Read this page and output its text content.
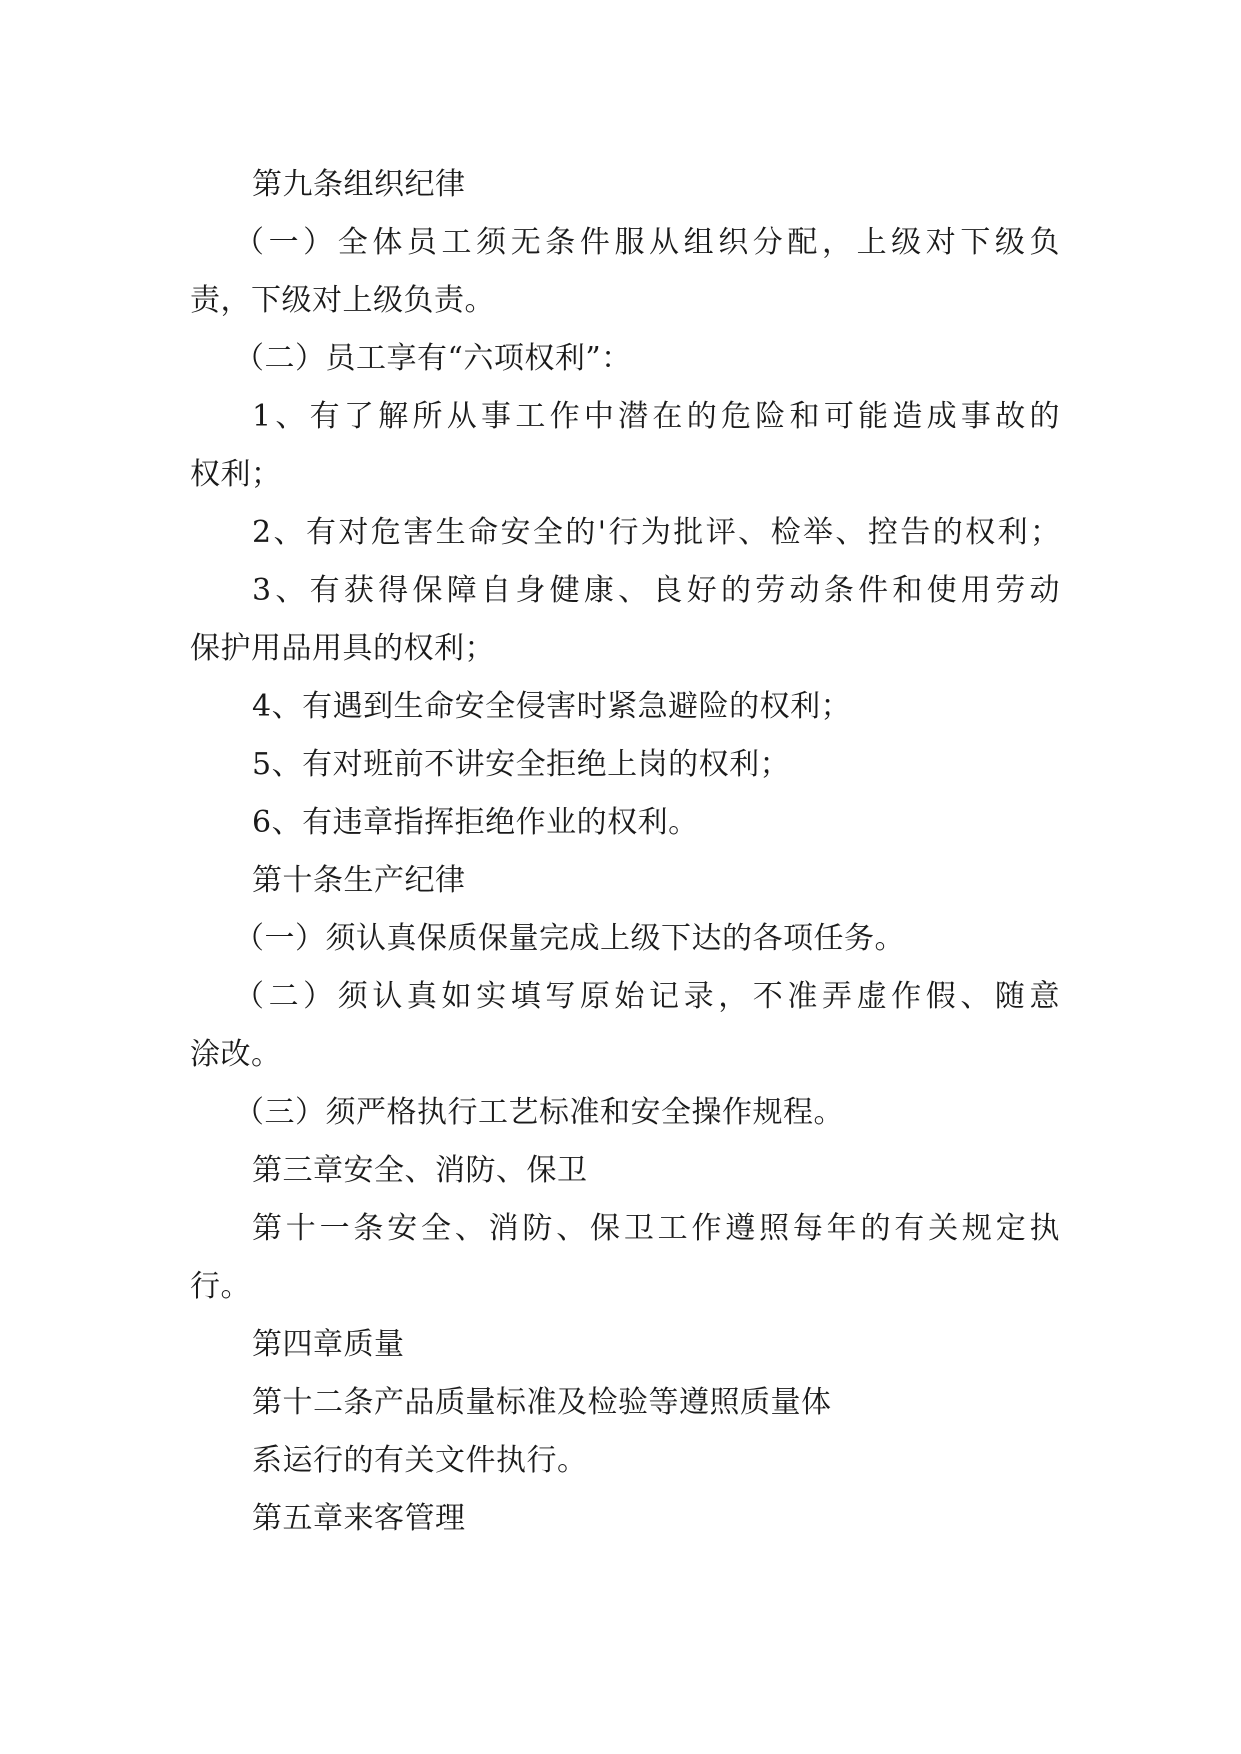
第九条组织纪律
（一）全体员工须无条件服从组织分配，上级对下级负
责，下级对上级负责。
（二）员工享有“六项权利”：
1、有了解所从事工作中潜在的危险和可能造成事故的
权利；
2、有对危害生命安全的'行为批评、检举、控告的权利；
3、有获得保障自身健康、良好的劳动条件和使用劳动
保护用品用具的权利；
4、有遇到生命安全侵害时紧急避险的权利；
5、有对班前不讲安全拒绝上岗的权利；
6、有违章指挥拒绝作业的权利。
第十条生产纪律
（一）须认真保质保量完成上级下达的各项任务。
（二）须认真如实填写原始记录，不准弄虚作假、随意
涂改。
（三）须严格执行工艺标准和安全操作规程。
第三章安全、消防、保卫
第十一条安全、消防、保卫工作遵照每年的有关规定执
行。
第四章质量
第十二条产品质量标准及检验等遵照质量体
系运行的有关文件执行。
第五章来客管理
